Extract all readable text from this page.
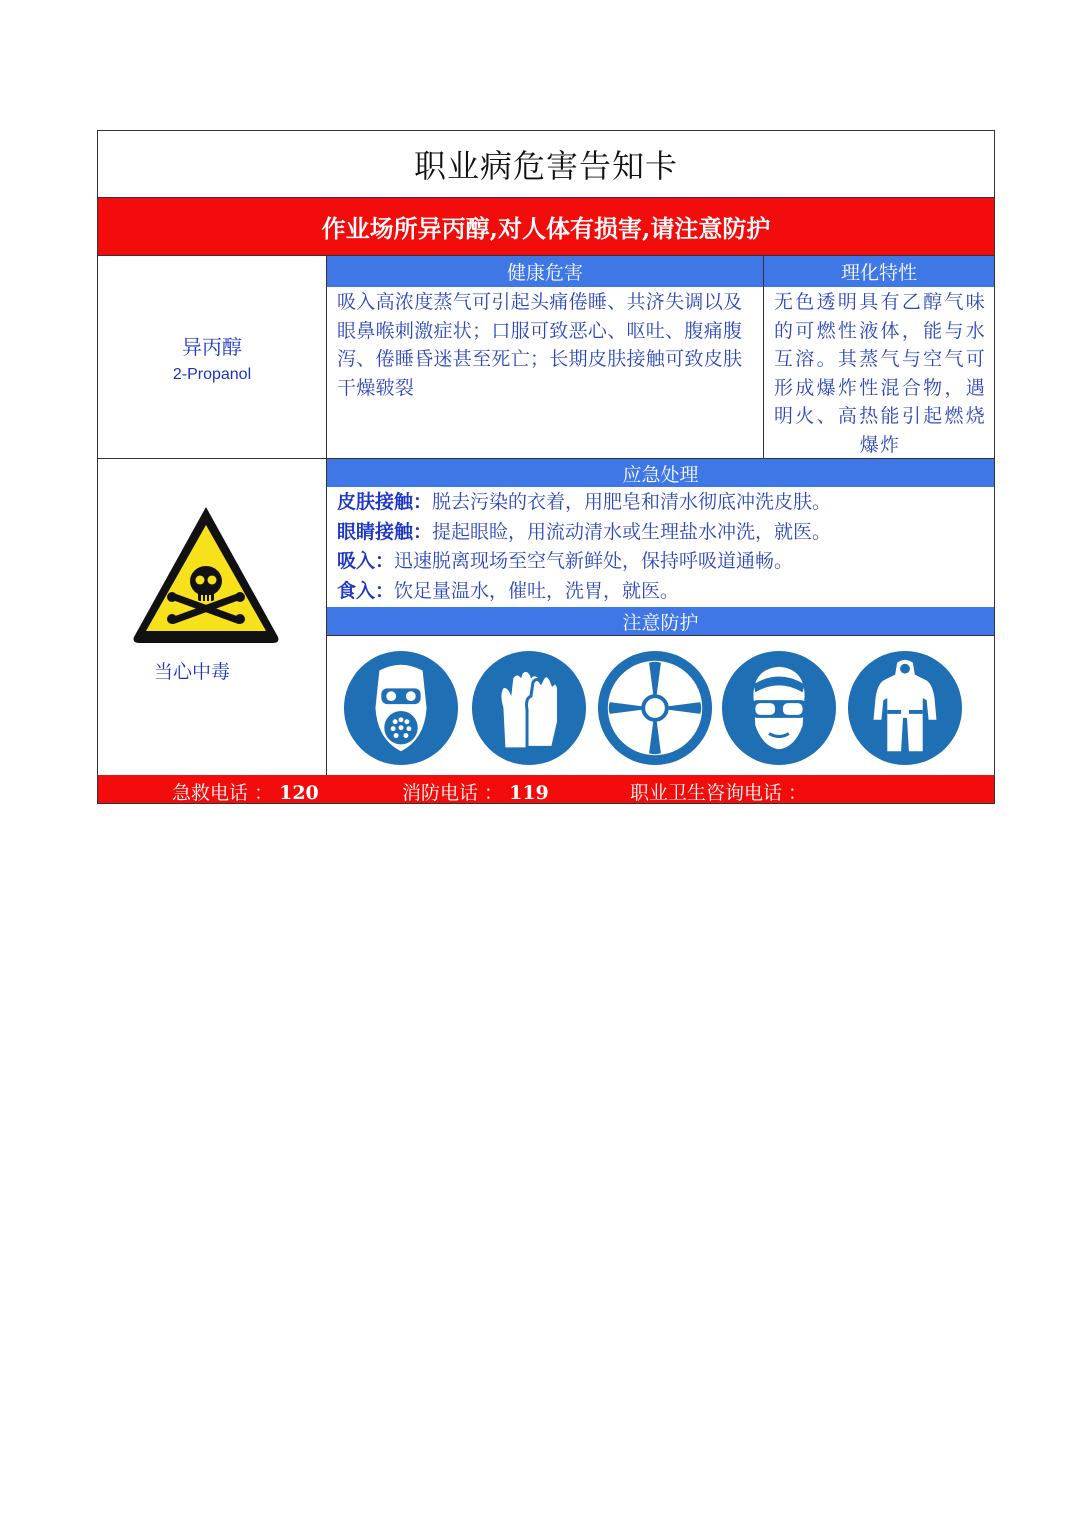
职业病危害告知卡
作业场所异丙醇,对人体有损害,请注意防护
异丙醇
2-Propanol
健康危害	理化特性
吸入高浓度蒸气可引起头痛倦睡、共济失调以及眼鼻喉刺激症状；口服可致恶心、呕吐、腹痛腹泻、倦睡昏迷甚至死亡；长期皮肤接触可致皮肤干燥皲裂
无色透明具有乙醇气味的可燃性液体，能与水互溶。其蒸气与空气可形成爆炸性混合物，遇明火、高热能引起燃烧爆炸
当心中毒
应急处理
皮肤接触：脱去污染的衣着，用肥皂和清水彻底冲洗皮肤。
眼睛接触：提起眼睑，用流动清水或生理盐水冲洗，就医。
吸入：迅速脱离现场至空气新鲜处，保持呼吸道通畅。
食入：饮足量温水，催吐，洗胃，就医。
注意防护
急救电话 ： 120	消防电话 ： 119	职业卫生咨询电话 ：
